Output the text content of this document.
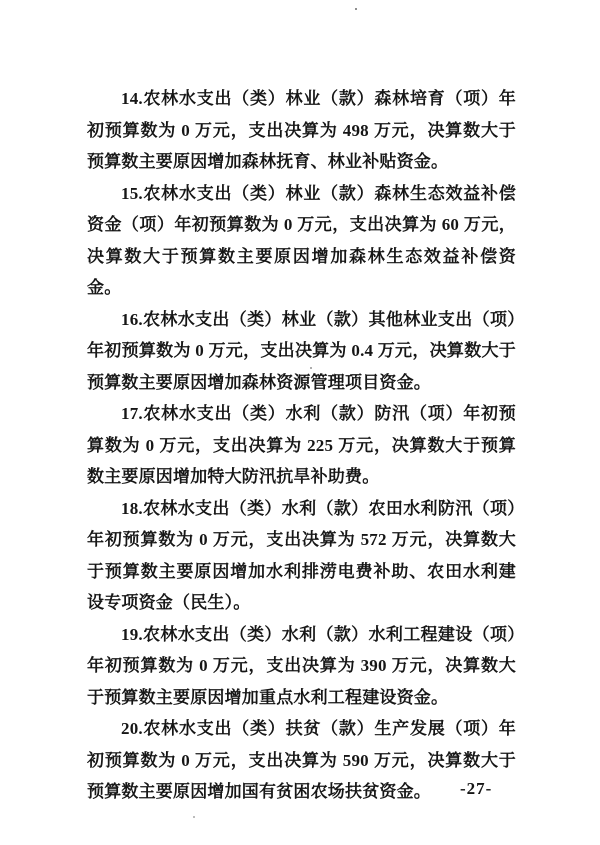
14.农林水支出（类）林业（款）森林培育（项）年初预算数为 0 万元，支出决算为 498 万元，决算数大于预算数主要原因增加森林抚育、林业补贴资金。

15.农林水支出（类）林业（款）森林生态效益补偿资金（项）年初预算数为 0 万元，支出决算为 60 万元，决算数大于预算数主要原因增加森林生态效益补偿资金。

16.农林水支出（类）林业（款）其他林业支出（项）年初预算数为 0 万元，支出决算为 0.4 万元，决算数大于预算数主要原因增加森林资源管理项目资金。

17.农林水支出（类）水利（款）防汛（项）年初预算数为 0 万元，支出决算为 225 万元，决算数大于预算数主要原因增加特大防汛抗旱补助费。

18.农林水支出（类）水利（款）农田水利防汛（项）年初预算数为 0 万元，支出决算为 572 万元，决算数大于预算数主要原因增加水利排涝电费补助、农田水利建设专项资金（民生）。

19.农林水支出（类）水利（款）水利工程建设（项）年初预算数为 0 万元，支出决算为 390 万元，决算数大于预算数主要原因增加重点水利工程建设资金。

20.农林水支出（类）扶贫（款）生产发展（项）年初预算数为 0 万元，支出决算为 590 万元，决算数大于预算数主要原因增加国有贫困农场扶贫资金。	-27-
